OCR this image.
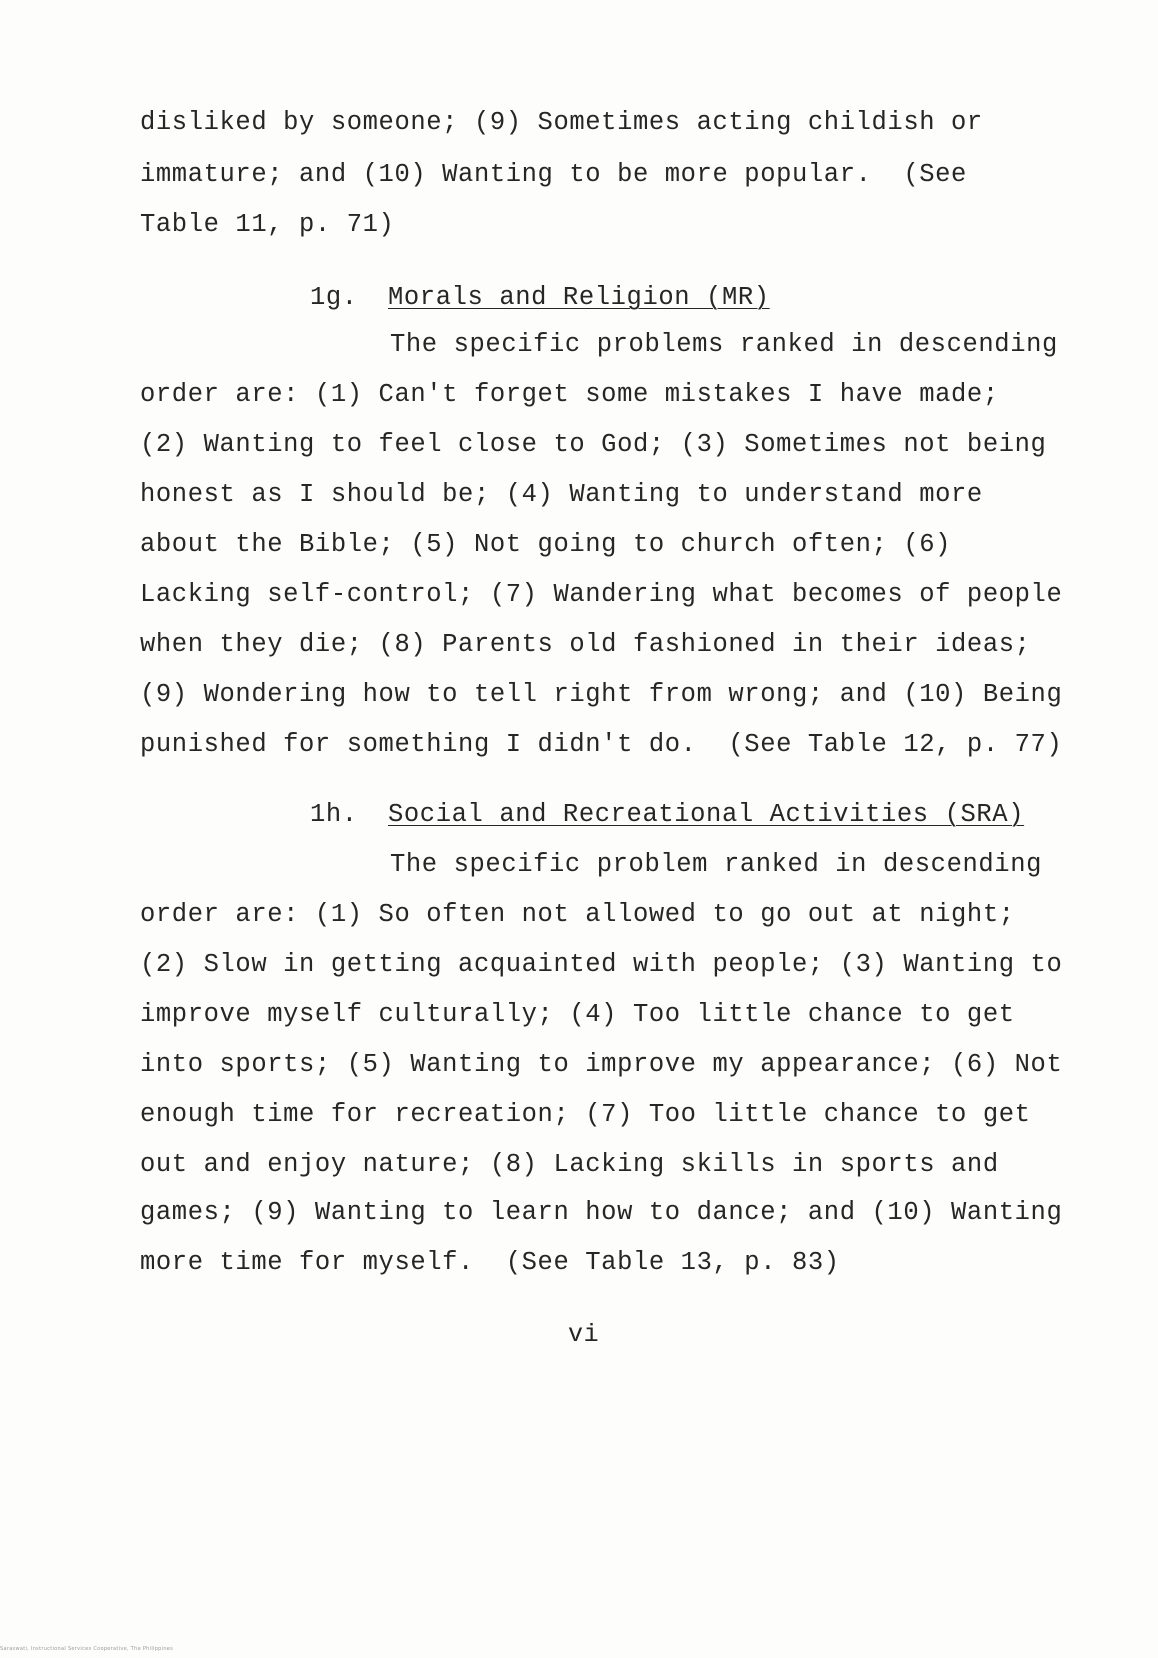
disliked by someone; (9) Sometimes acting childish or
immature; and (10) Wanting to be more popular.  (See
Table 11, p. 71)
1g. Morals and Religion (MR)
The specific problems ranked in descending
order are: (1) Can't forget some mistakes I have made;
(2) Wanting to feel close to God; (3) Sometimes not being
honest as I should be; (4) Wanting to understand more
about the Bible; (5) Not going to church often; (6)
Lacking self-control; (7) Wandering what becomes of people
when they die; (8) Parents old fashioned in their ideas;
(9) Wondering how to tell right from wrong; and (10) Being
punished for something I didn't do.  (See Table 12, p. 77)
1h. Social and Recreational Activities (SRA)
The specific problem ranked in descending
order are: (1) So often not allowed to go out at night;
(2) Slow in getting acquainted with people; (3) Wanting to
improve myself culturally; (4) Too little chance to get
into sports; (5) Wanting to improve my appearance; (6) Not
enough time for recreation; (7) Too little chance to get
out and enjoy nature; (8) Lacking skills in sports and
games; (9) Wanting to learn how to dance; and (10) Wanting
more time for myself.  (See Table 13, p. 83)
vi
Saraswati, Instructional Services Cooperative, The Philippines
